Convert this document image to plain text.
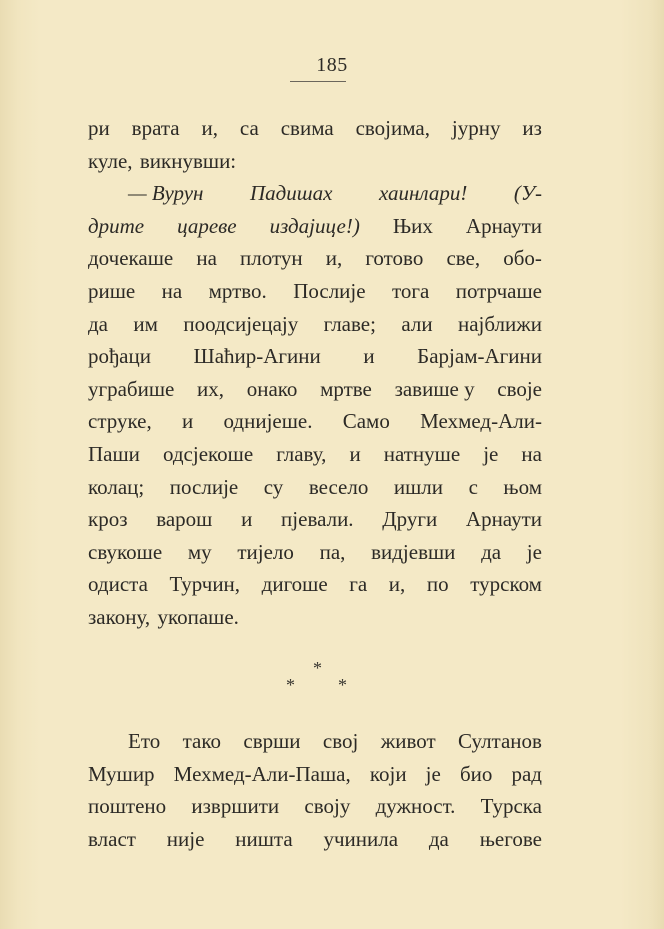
185
ри врата и, са свима својима, јурну из
куле, викнувши:
— Вурун Падишах хаинлари! (У-
дрите цареве издајице!) Њих Арнаути
дочекаше на плотун и, готово све, обо-
рише на мртво. Послије тога потрчаше
да им поодсијецају главе; али најближи
рођаци Шаћир-Агини и Барјам-Агини
уграбише их, онако мртве завише у своје
струке, и однијеше. Само Мехмед-Али-
Паши одсјекоше главу, и натнуше је на
колац; послије су весело ишли с њом
кроз варош и пјевали. Други Арнаути
свукоше му тијело па, видјевши да је
одиста Турчин, дигоше га и, по турском
закону, укопаше.
*
* *
Ето тако сврши свој живот Султанов
Мушир Мехмед-Али-Паша, који је био рад
поштено извршити своју дужност. Турска
власт није ништа учинила да његове
